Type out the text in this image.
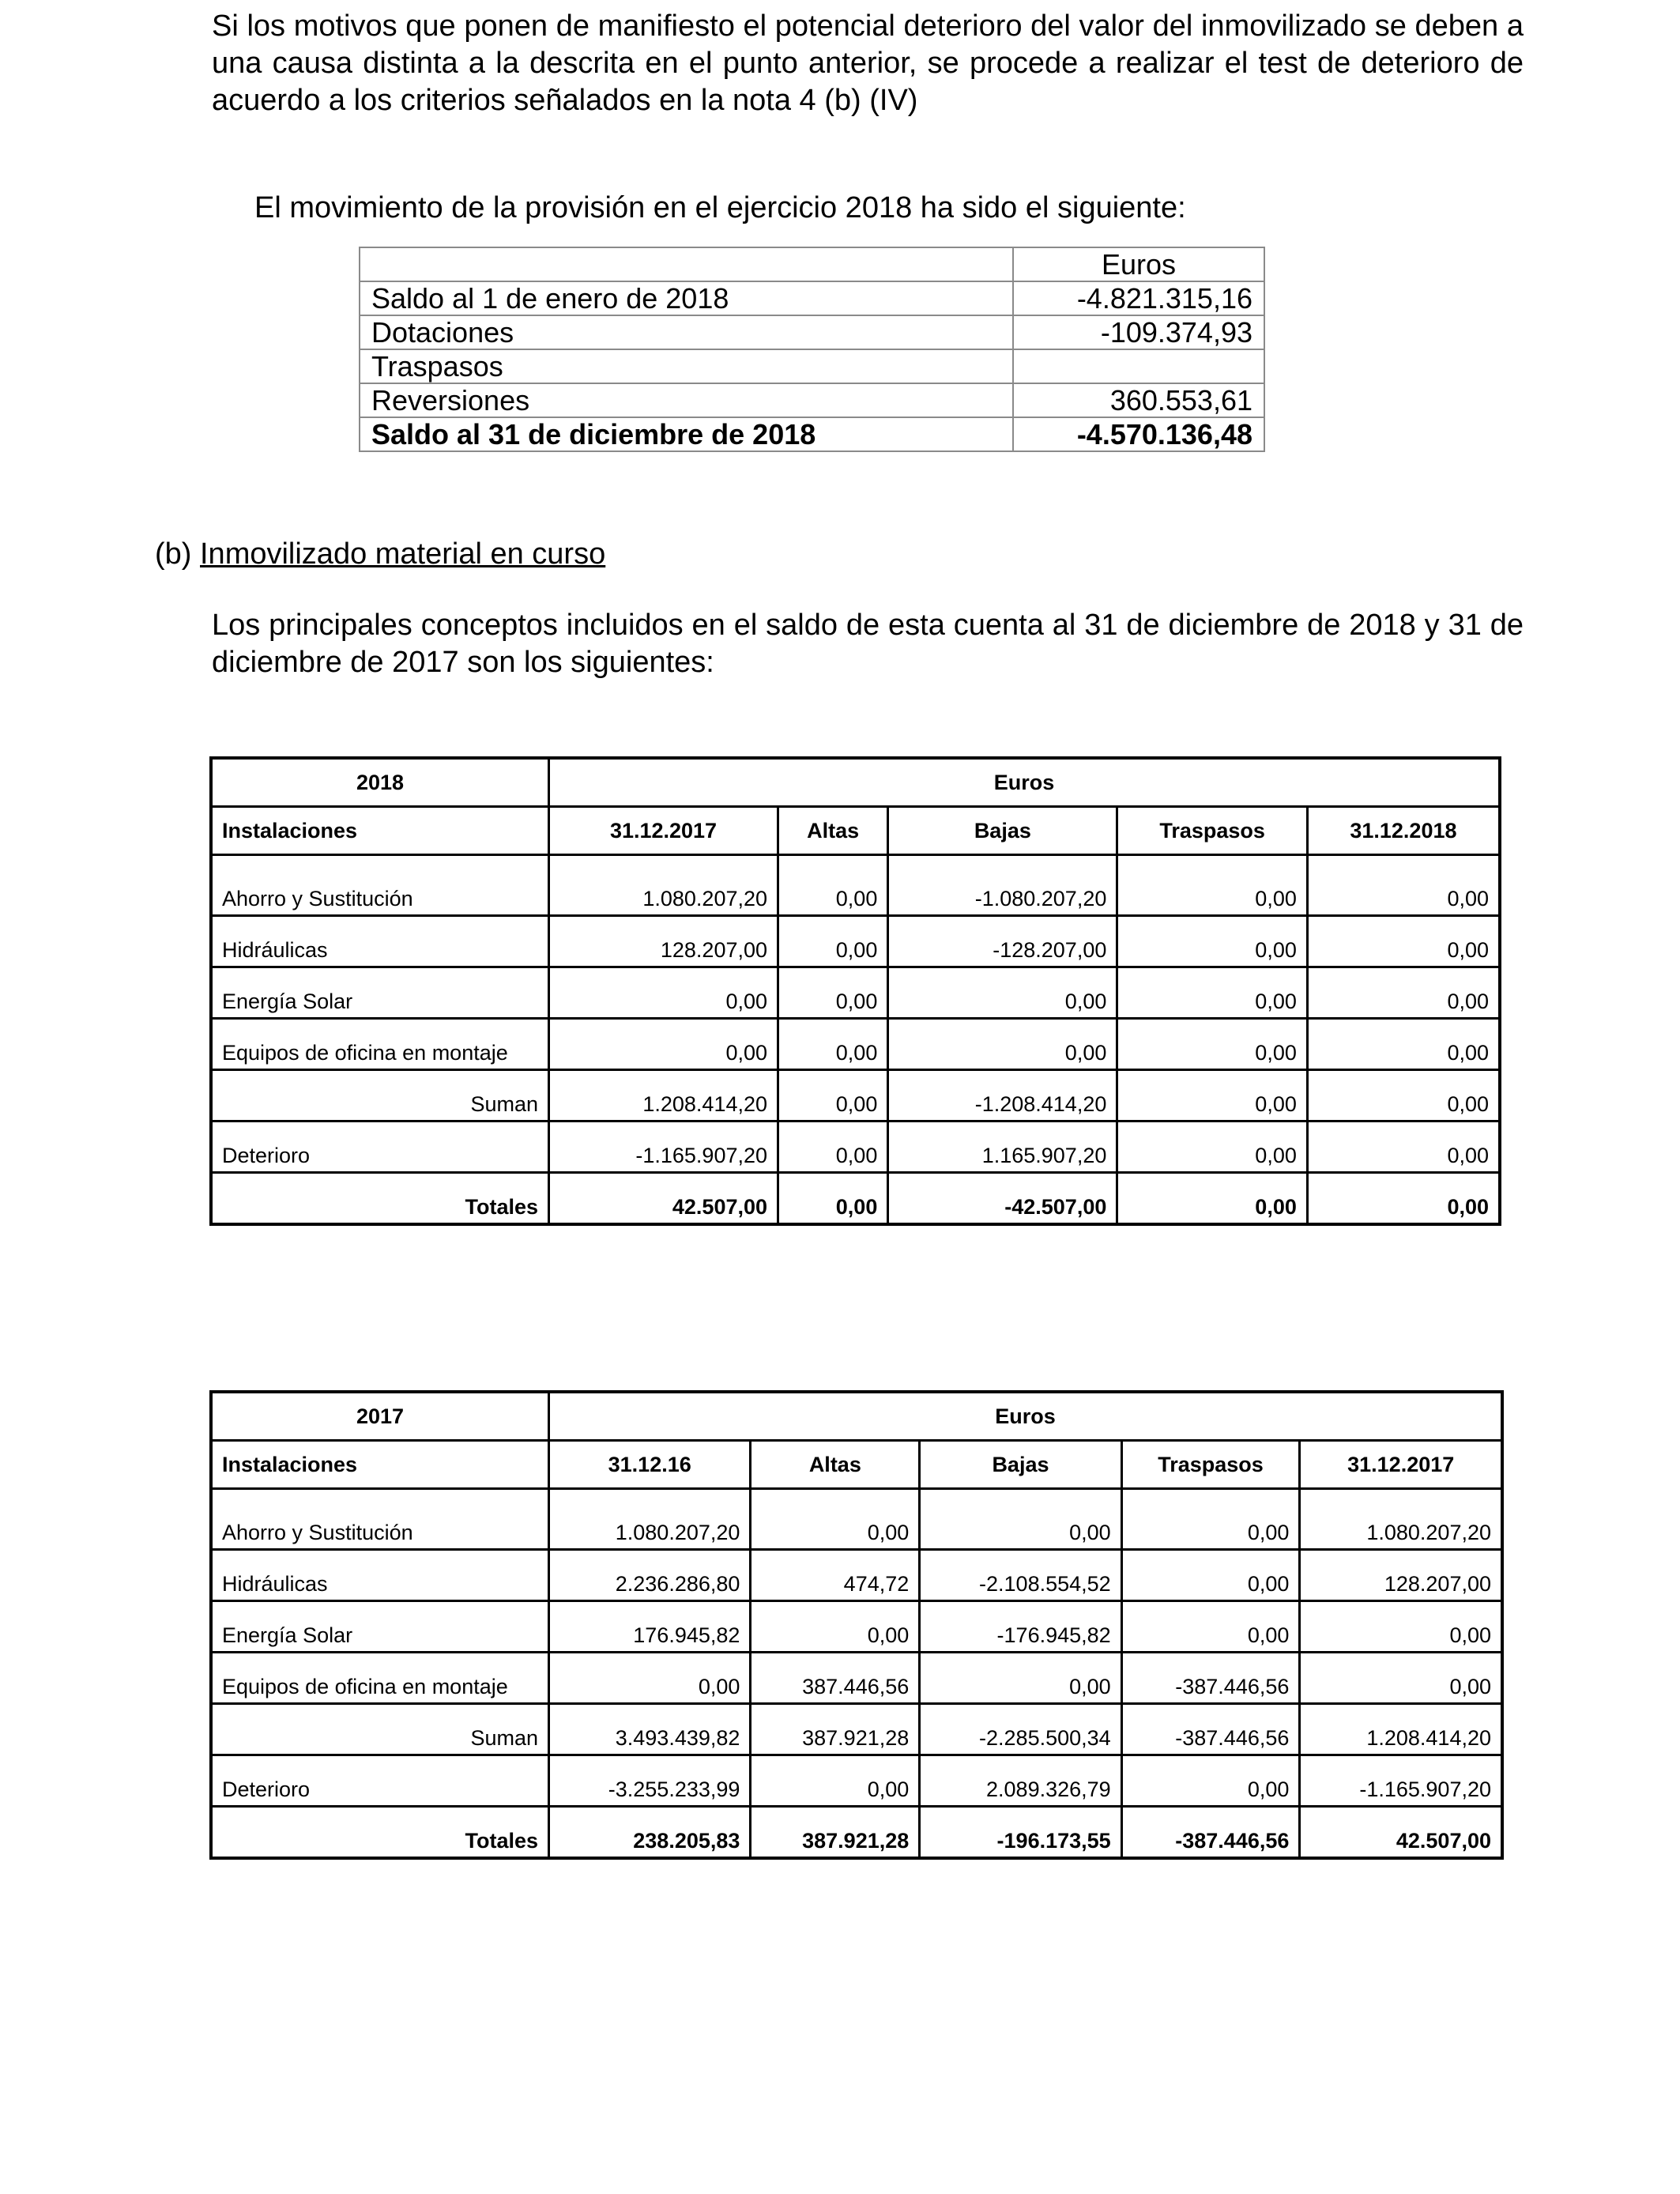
Si los motivos que ponen de manifiesto el potencial deterioro del valor del inmovilizado se deben a una causa distinta a la descrita en el punto anterior, se procede a realizar el test de deterioro de acuerdo a los criterios señalados en la nota 4 (b) (IV)

El movimiento de la provisión en el ejercicio 2018 ha sido el siguiente:

	Euros
Saldo al 1 de enero de 2018	-4.821.315,16
Dotaciones	-109.374,93
Traspasos	
Reversiones	360.553,61
Saldo al 31 de diciembre de 2018	-4.570.136,48

(b) Inmovilizado material en curso

Los principales conceptos incluidos en el saldo de esta cuenta al 31 de diciembre de 2018 y 31 de diciembre de 2017 son los siguientes:

2018	Euros				
Instalaciones	31.12.2017	Altas	Bajas	Traspasos	31.12.2018
Ahorro y Sustitución	1.080.207,20	0,00	-1.080.207,20	0,00	0,00
Hidráulicas	128.207,00	0,00	-128.207,00	0,00	0,00
Energía Solar	0,00	0,00	0,00	0,00	0,00
Equipos de oficina en montaje	0,00	0,00	0,00	0,00	0,00
Suman	1.208.414,20	0,00	-1.208.414,20	0,00	0,00
Deterioro	-1.165.907,20	0,00	1.165.907,20	0,00	0,00
Totales	42.507,00	0,00	-42.507,00	0,00	0,00
2017	Euros				
Instalaciones	31.12.16	Altas	Bajas	Traspasos	31.12.2017
Ahorro y Sustitución	1.080.207,20	0,00	0,00	0,00	1.080.207,20
Hidráulicas	2.236.286,80	474,72	-2.108.554,52	0,00	128.207,00
Energía Solar	176.945,82	0,00	-176.945,82	0,00	0,00
Equipos de oficina en montaje	0,00	387.446,56	0,00	-387.446,56	0,00
Suman	3.493.439,82	387.921,28	-2.285.500,34	-387.446,56	1.208.414,20
Deterioro	-3.255.233,99	0,00	2.089.326,79	0,00	-1.165.907,20
Totales	238.205,83	387.921,28	-196.173,55	-387.446,56	42.507,00
